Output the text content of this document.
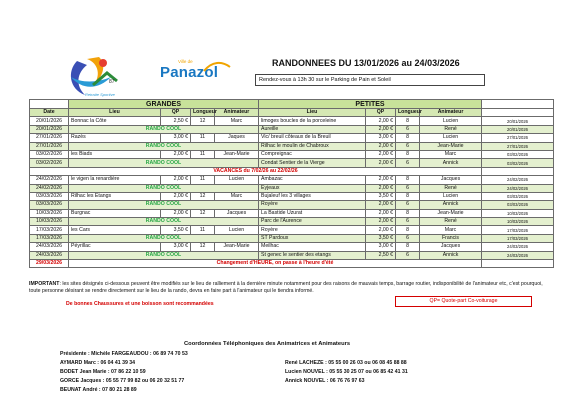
87
Retraite Sportive
Ville de
Panazol
RANDONNEES DU 13/01/2026 au 24/03/2026
Rendez-vous à 13h 30 sur le Parking de Pain et Soleil
	GRANDES				PETITES				
Date	Lieu	QP	Longueur	Animateur	Lieu	QP	Longueur	Animateur	
20/01/2026	Bonnac la Côte	2,50 €	12	Marc	limoges boucles de la porceleine	2,00 €	8	Lucien	20/01/2026
20/01/2026	RANDO COOL				Aureille	2,00 €	6	René	20/01/2026
27/01/2026	Razès	3,00 €	11	Jaques	Vic/ breuil côteaux de la Breuil	3,00 €	8	Lucien	27/01/2026
27/01/2026	RANDO COOL				Rilhac le moulin de Chabroux	2,00 €	6	Jean-Marie	27/01/2026
03/02/2026	les Biads	2,00 €	11	Jean-Marie	Compreignac	2,00 €	8	Marc	03/02/2026
03/02/2026	RANDO COOL				Condat Sentier de la Vierge	2,00 €	6	Annick	03/02/2026
VACANCES du 7/02/26 au 22/02/26									
24/02/2026	le vigen la renardière	2,00 €	11	Lucien	Ambazac	2,00 €	8	Jacques	24/02/2026
24/02/2026	RANDO COOL				Eyjeaux	2,00 €	6	René	24/02/2026
03/03/2026	Rilhac les Etangs	2,00 €	12	Marc	Bujaleuf les 3 villages	3,50 €	8	Lucien	03/03/2026
03/03/2026	RANDO COOL				Royère	2,00 €	6	Annick	03/03/2026
10/03/2026	Burgnac	2,00 €	12	Jacques	La Bastide Uzurat	2,00 €	8	Jean-Marie	10/03/2026
10/03/2026	RANDO COOL				Parc de l'Aurence	2,00 €	6	René	10/03/2026
17/03/2026	les Cars	3,50 €	11	Lucien	Royère	2,00 €	8	Marc	17/03/2026
17/03/2026	RANDO COOL				ST Pardoux	3,50 €	6	Francis	17/03/2026
24/03/2026	Péyrillac	3,00 €	12	Jean-Marie	Meilhac	3,00 €	8	Jacques	24/03/2026
24/03/2026	RANDO COOL				St genec le sentier des etangs	2,50 €	6	Annick	24/03/2026
29/03/2026	Changement d'HEURE, on passe à l'heure d'été								
IMPORTANT: les sites désignés ci-dessous peuvent être modifiés sur le lieu de ralliement à la dernière minute notamment pour des raisons de mauvais temps, barrage routier, indisponibilité de l'animateur etc, c'est pourquoi, toute personne désirant se rendre directement sur le lieu de la rando, devra en faire part à l'animateur qui le tiendra informé.
De bonnes Chaussures et une boisson sont recommandées	QP= Quote-part Co-voiturage
Coordonnées Téléphoniques des Animatrices et Animateurs
Présidente : Michèle FARGEAUDOU : 06 89 74 70 53
AYMARD Marc : 06 04 41 39 34
BODET Jean Marie : 07 86 22 10 59
GORCE Jacques : 05 55 77 99 82 ou 06 20 32 51 77
BEUNAT André : 07 80 21 28 89
René LACHEZE : 05 55 00 26 03 ou 06 08 45 88 88
Lucien NOUVEL : 05 55 30 25 07 ou 06 85 42 41 31
Annick NOUVEL : 06 76 76 97 63
